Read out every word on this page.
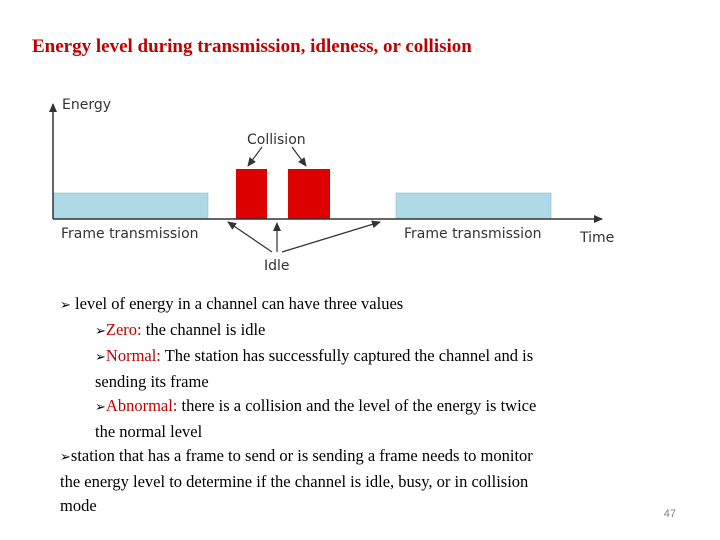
Energy level during transmission, idleness, or collision
Energy
Collision
Frame transmission	Frame transmission	Time
Idle
➢ level of energy in a channel can have three values
➢Zero: the channel is idle
➢Normal: The station has successfully captured the channel and is
sending its frame
➢Abnormal: there is a collision and the level of the energy is twice
the normal level
➢station that has a frame to send or is sending a frame needs to monitor
the energy level to determine if the channel is idle, busy, or in collision
mode	47
